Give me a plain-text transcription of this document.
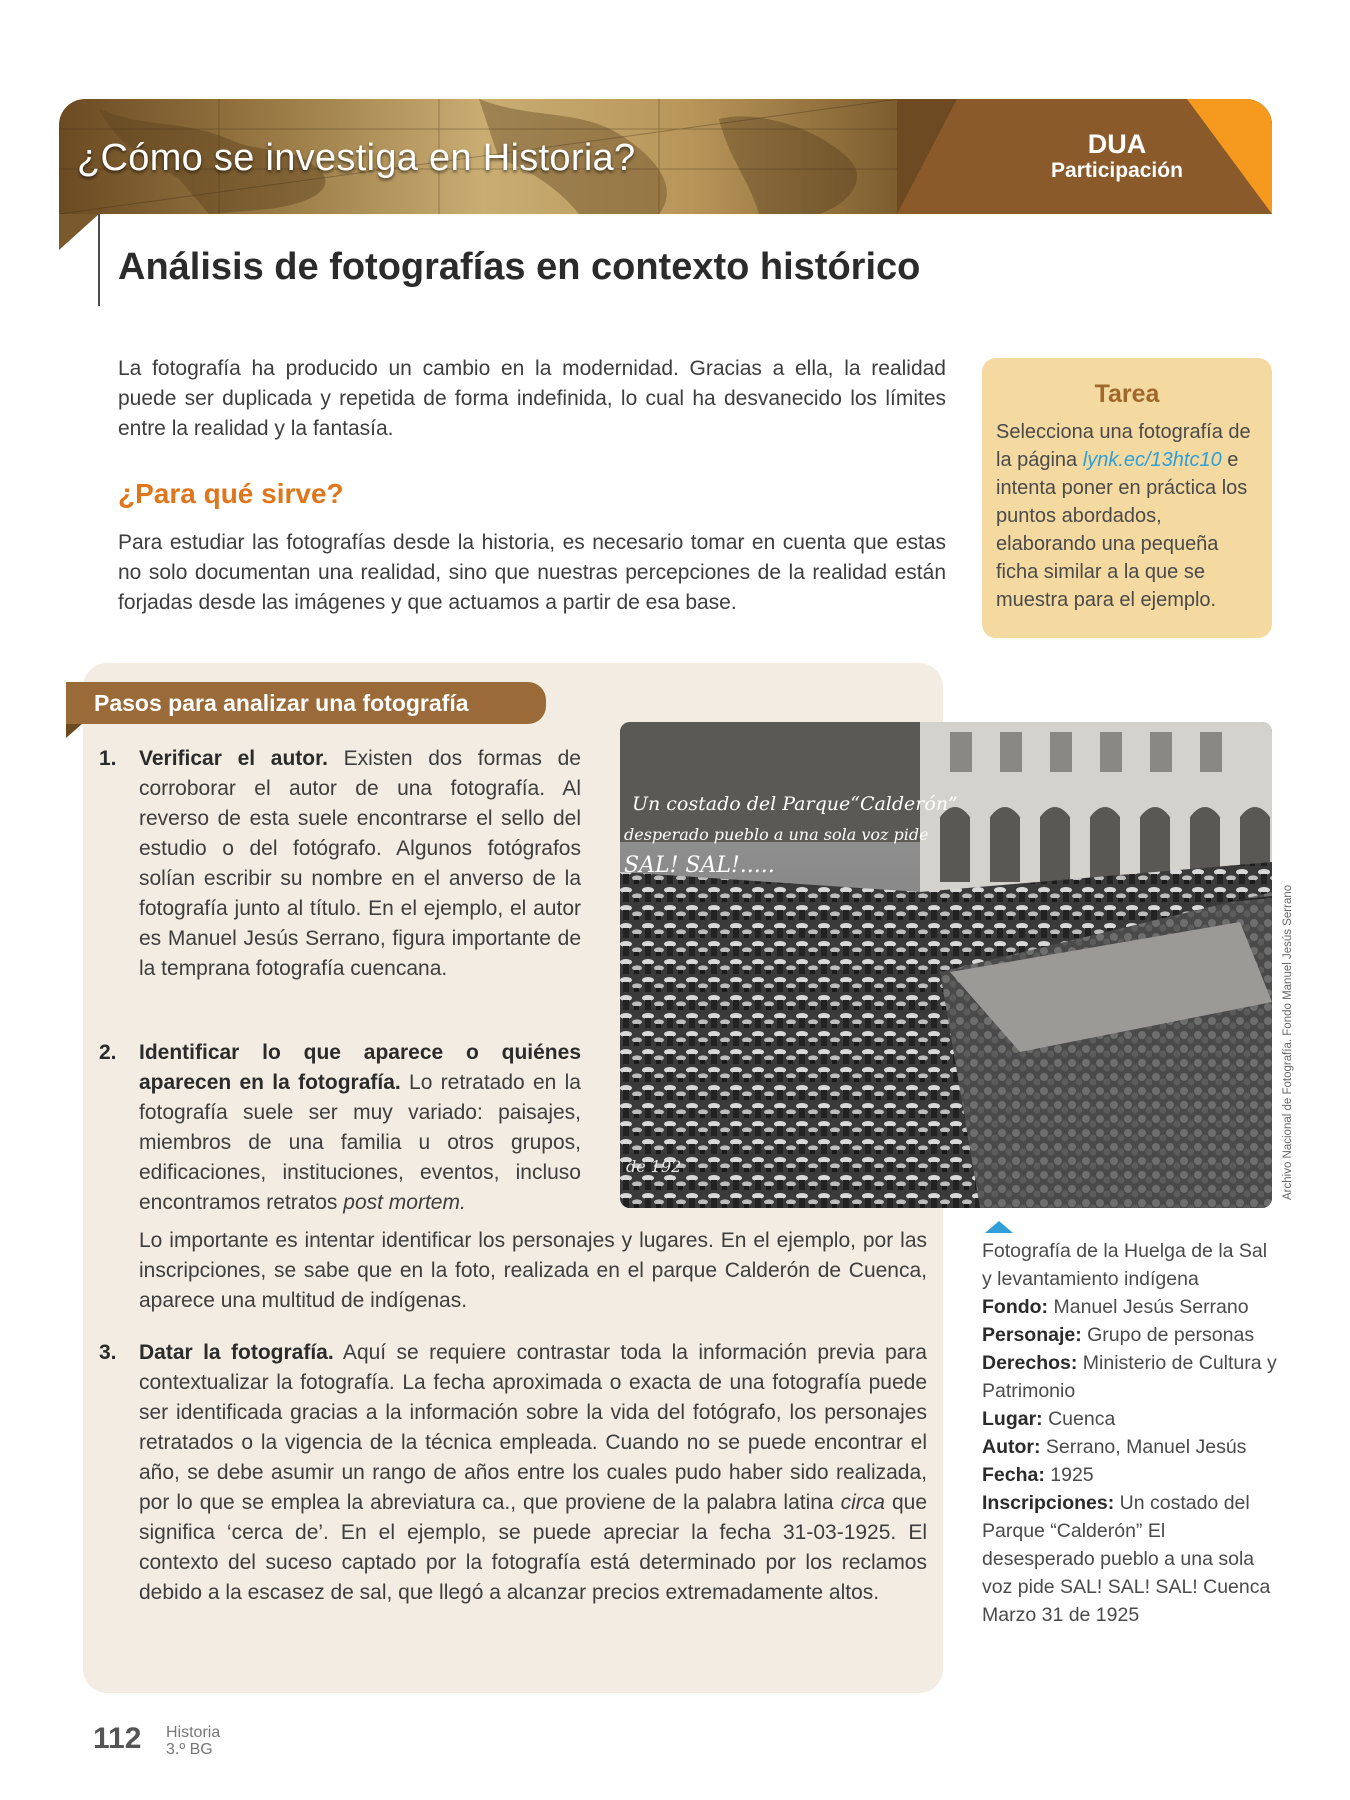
¿Cómo se investiga en Historia?	DUA
Participación
Análisis de fotografías en contexto histórico
La fotografía ha producido un cambio en la modernidad. Gracias a ella, la realidad puede ser duplicada y repetida de forma indefinida, lo cual ha desvanecido los límites entre la realidad y la fantasía.
¿Para qué sirve?
Para estudiar las fotografías desde la historia, es necesario tomar en cuenta que estas no solo documentan una realidad, sino que nuestras percepciones de la realidad están forjadas desde las imágenes y que actuamos a partir de esa base.
Tarea
Selecciona una fotografía de la página lynk.ec/13htc10 e intenta poner en práctica los puntos abordados, elaborando una pequeña ficha similar a la que se muestra para el ejemplo.
Pasos para analizar una fotografía
1. Verificar el autor. Existen dos formas de corroborar el autor de una fotografía. Al reverso de esta suele encontrarse el sello del estudio o del fotógrafo. Algunos fotógrafos solían escribir su nombre en el anverso de la fotografía junto al título. En el ejemplo, el autor es Manuel Jesús Serrano, figura importante de la temprana fotografía cuencana.
2. Identificar lo que aparece o quiénes aparecen en la fotografía. Lo retratado en la fotografía suele ser muy variado: paisajes, miembros de una familia u otros grupos, edificaciones, instituciones, eventos, incluso encontramos retratos post mortem.
Lo importante es intentar identificar los personajes y lugares. En el ejemplo, por las inscripciones, se sabe que en la foto, realizada en el parque Calderón de Cuenca, aparece una multitud de indígenas.
3. Datar la fotografía. Aquí se requiere contrastar toda la información previa para contextualizar la fotografía. La fecha aproximada o exacta de una fotografía puede ser identificada gracias a la información sobre la vida del fotógrafo, los personajes retratados o la vigencia de la técnica empleada. Cuando no se puede encontrar el año, se debe asumir un rango de años entre los cuales pudo haber sido realizada, por lo que se emplea la abreviatura ca., que proviene de la palabra latina circa que significa ‘cerca de’. En el ejemplo, se puede apreciar la fecha 31-03-1925. El contexto del suceso captado por la fotografía está determinado por los reclamos debido a la escasez de sal, que llegó a alcanzar precios extremadamente altos.
Un costado del Parque“Calderón”
desperado pueblo a una sola voz pide
SAL! SAL!.....
de 192	Archivo Nacional de Fotografía. Fondo Manuel Jesús Serrano
Fotografía de la Huelga de la Sal y levantamiento indígena
Fondo: Manuel Jesús Serrano
Personaje: Grupo de personas
Derechos: Ministerio de Cultura y Patrimonio
Lugar: Cuenca
Autor: Serrano, Manuel Jesús
Fecha: 1925
Inscripciones: Un costado del Parque “Calderón” El desesperado pueblo a una sola voz pide SAL! SAL! SAL! Cuenca Marzo 31 de 1925
112 Historia
3.º BG
